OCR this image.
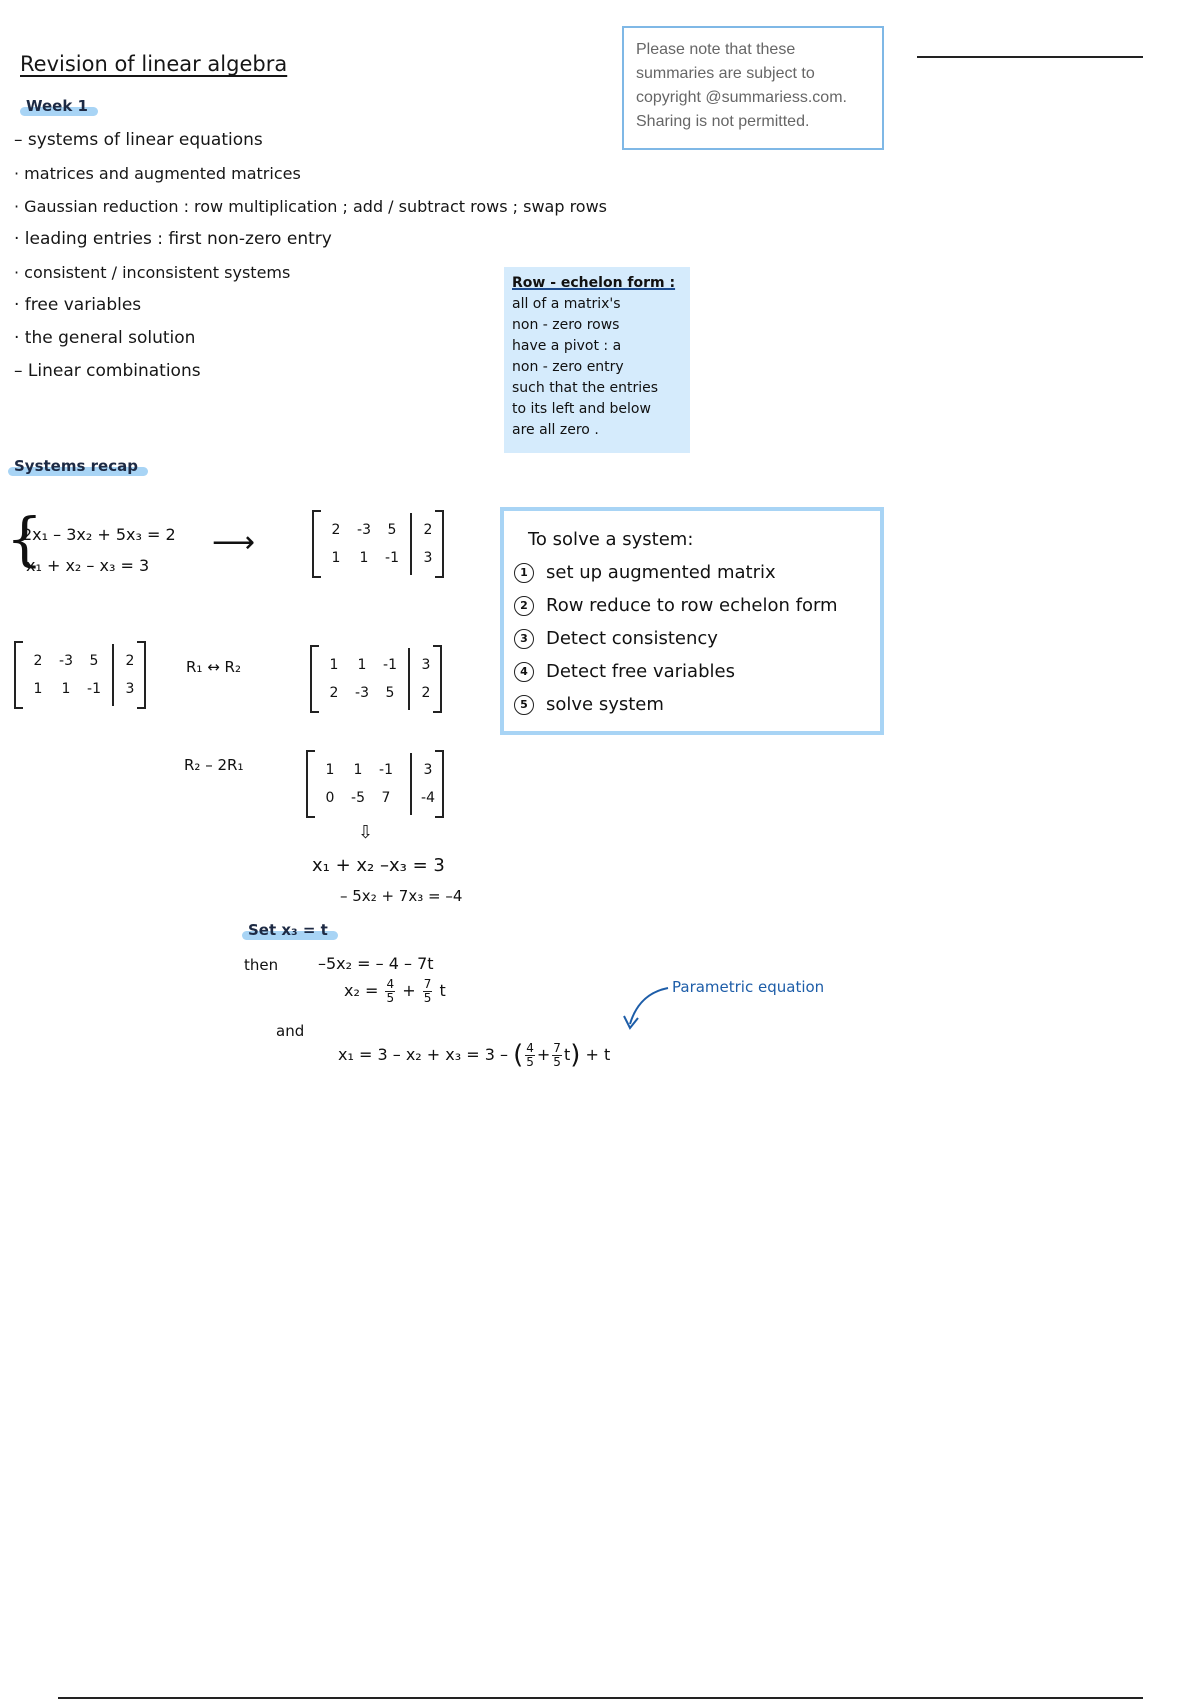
Revision of linear algebra
Please note that these
summaries are subject to
copyright @summariess.com.
Sharing is not permitted.
Week 1
– systems of linear equations
· matrices and augmented matrices
· Gaussian reduction : row multiplication ; add / subtract rows ; swap rows
· leading entries : first non-zero entry
· consistent / inconsistent systems
· free variables
· the general solution
– Linear combinations
Row - echelon form :
all of a matrix's
non - zero rows
have a pivot : a
non - zero entry
such that the entries
to its left and below
are all zero .
Systems recap
{
2x₁ – 3x₂ + 5x₃ = 2
x₁ + x₂ – x₃ = 3
⟶	2	-3	5	2
1	1	-1	3
2	-3	5	2
1	1	-1	3
R₁ ↔ R₂	1	1	-1	3
2	-3	5	2
R₂ – 2R₁	1	1	-1	3
0	-5	7	-4
⇩
x₁ + x₂ –x₃ = 3
– 5x₂ + 7x₃ = –4
Set x₃ = t
then –5x₂ = – 4 – 7t
$x_2 = \frac{4}{5} + \frac{7}{5}$ t
and
x₁ = 3 – x₂ + x₃ = 3 – ( $\frac{4}{5} + \frac{7}{5} t) + t$
Parametric equation
To solve a system:
1 set up augmented matrix
2 Row reduce to row echelon form
3 Detect consistency
4 Detect free variables
5 solve system
